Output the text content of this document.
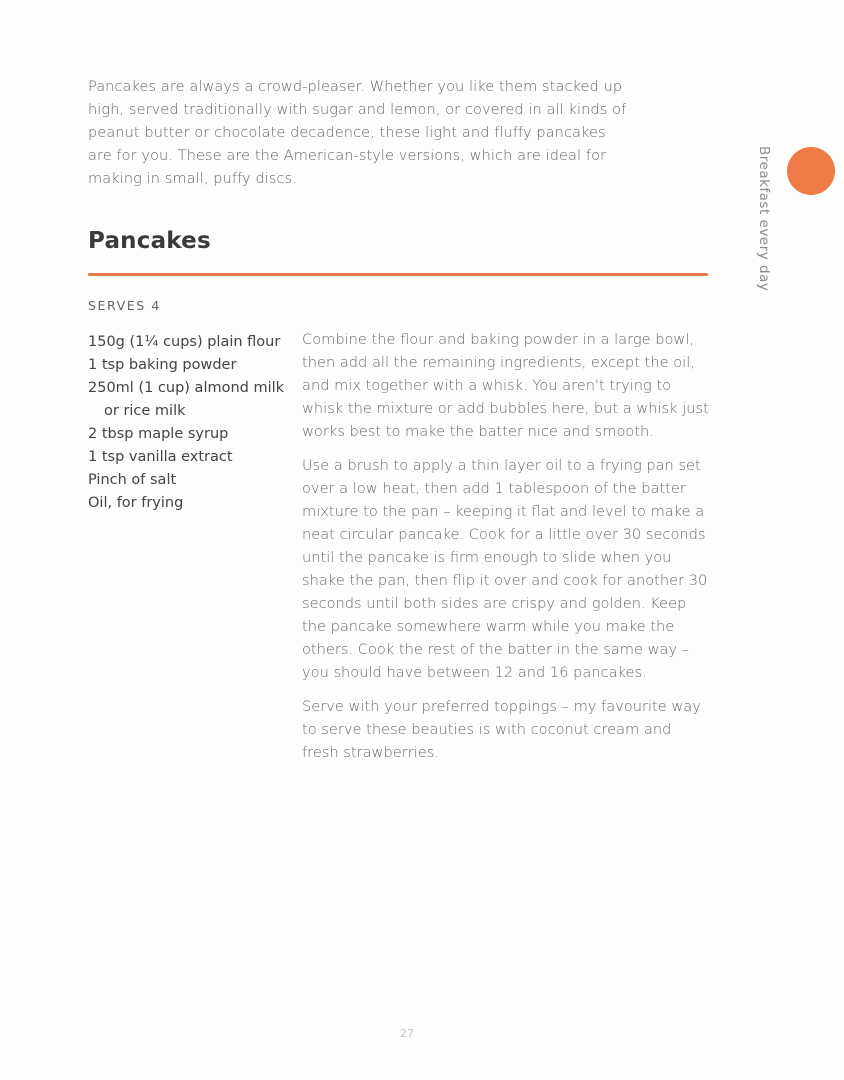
Pancakes are always a crowd-pleaser. Whether you like them stacked up high, served traditionally with sugar and lemon, or covered in all kinds of peanut butter or chocolate decadence, these light and fluffy pancakes are for you. These are the American-style versions, which are ideal for making in small, puffy discs.

Pancakes
SERVES 4
150g (1¼ cups) plain flour
1 tsp baking powder
250ml (1 cup) almond milk
or rice milk
2 tbsp maple syrup
1 tsp vanilla extract
Pinch of salt
Oil, for frying

Combine the flour and baking powder in a large bowl, then add all the remaining ingredients, except the oil, and mix together with a whisk. You aren't trying to whisk the mixture or add bubbles here, but a whisk just works best to make the batter nice and smooth.

Use a brush to apply a thin layer oil to a frying pan set over a low heat, then add 1 tablespoon of the batter mixture to the pan – keeping it flat and level to make a neat circular pancake. Cook for a little over 30 seconds until the pancake is firm enough to slide when you shake the pan, then flip it over and cook for another 30 seconds until both sides are crispy and golden. Keep the pancake somewhere warm while you make the others. Cook the rest of the batter in the same way – you should have between 12 and 16 pancakes.

Serve with your preferred toppings – my favourite way to serve these beauties is with coconut cream and fresh strawberries.

Breakfast every day
27
